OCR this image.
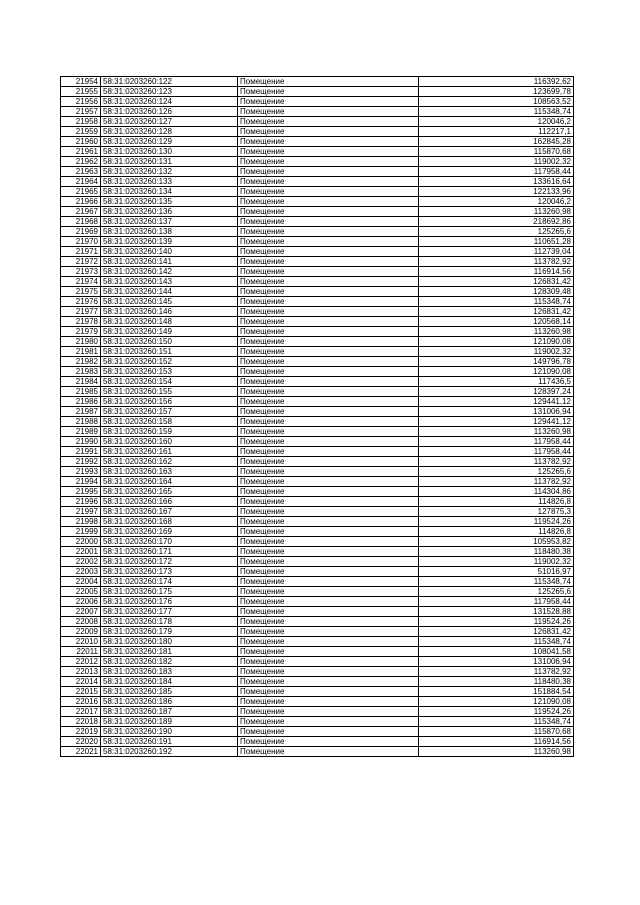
21954	58:31:0203260:122	Помещение	116392,62
21955	58:31:0203260:123	Помещение	123699,78
21956	58:31:0203260:124	Помещение	108563,52
21957	58:31:0203260:126	Помещение	115348,74
21958	58:31:0203260:127	Помещение	120046,2
21959	58:31:0203260:128	Помещение	112217,1
21960	58:31:0203260:129	Помещение	162845,28
21961	58:31:0203260:130	Помещение	115870,68
21962	58:31:0203260:131	Помещение	119002,32
21963	58:31:0203260:132	Помещение	117958,44
21964	58:31:0203260:133	Помещение	133616,64
21965	58:31:0203260:134	Помещение	122133,96
21966	58:31:0203260:135	Помещение	120046,2
21967	58:31:0203260:136	Помещение	113260,98
21968	58:31:0203260:137	Помещение	218692,86
21969	58:31:0203260:138	Помещение	125265,6
21970	58:31:0203260:139	Помещение	110651,28
21971	58:31:0203260:140	Помещение	112739,04
21972	58:31:0203260:141	Помещение	113782,92
21973	58:31:0203260:142	Помещение	116914,56
21974	58:31:0203260:143	Помещение	126831,42
21975	58:31:0203260:144	Помещение	128309,48
21976	58:31:0203260:145	Помещение	115348,74
21977	58:31:0203260:146	Помещение	126831,42
21978	58:31:0203260:148	Помещение	120568,14
21979	58:31:0203260:149	Помещение	113260,98
21980	58:31:0203260:150	Помещение	121090,08
21981	58:31:0203260:151	Помещение	119002,32
21982	58:31:0203260:152	Помещение	149796,78
21983	58:31:0203260:153	Помещение	121090,08
21984	58:31:0203260:154	Помещение	117436,5
21985	58:31:0203260:155	Помещение	128397,24
21986	58:31:0203260:156	Помещение	129441,12
21987	58:31:0203260:157	Помещение	131006,94
21988	58:31:0203260:158	Помещение	129441,12
21989	58:31:0203260:159	Помещение	113260,98
21990	58:31:0203260:160	Помещение	117958,44
21991	58:31:0203260:161	Помещение	117958,44
21992	58:31:0203260:162	Помещение	113782,92
21993	58:31:0203260:163	Помещение	125265,6
21994	58:31:0203260:164	Помещение	113782,92
21995	58:31:0203260:165	Помещение	114304,86
21996	58:31:0203260:166	Помещение	114826,8
21997	58:31:0203260:167	Помещение	127875,3
21998	58:31:0203260:168	Помещение	119524,26
21999	58:31:0203260:169	Помещение	114826,8
22000	58:31:0203260:170	Помещение	105953,82
22001	58:31:0203260:171	Помещение	118480,38
22002	58:31:0203260:172	Помещение	119002,32
22003	58:31:0203260:173	Помещение	51016,97
22004	58:31:0203260:174	Помещение	115348,74
22005	58:31:0203260:175	Помещение	125265,6
22006	58:31:0203260:176	Помещение	117958,44
22007	58:31:0203260:177	Помещение	131528,88
22008	58:31:0203260:178	Помещение	119524,26
22009	58:31:0203260:179	Помещение	126831,42
22010	58:31:0203260:180	Помещение	115348,74
22011	58:31:0203260:181	Помещение	108041,58
22012	58:31:0203260:182	Помещение	131006,94
22013	58:31:0203260:183	Помещение	113782,92
22014	58:31:0203260:184	Помещение	118480,38
22015	58:31:0203260:185	Помещение	151884,54
22016	58:31:0203260:186	Помещение	121090,08
22017	58:31:0203260:187	Помещение	119524,26
22018	58:31:0203260:189	Помещение	115348,74
22019	58:31:0203260:190	Помещение	115870,68
22020	58:31:0203260:191	Помещение	116914,56
22021	58:31:0203260:192	Помещение	113260,98
